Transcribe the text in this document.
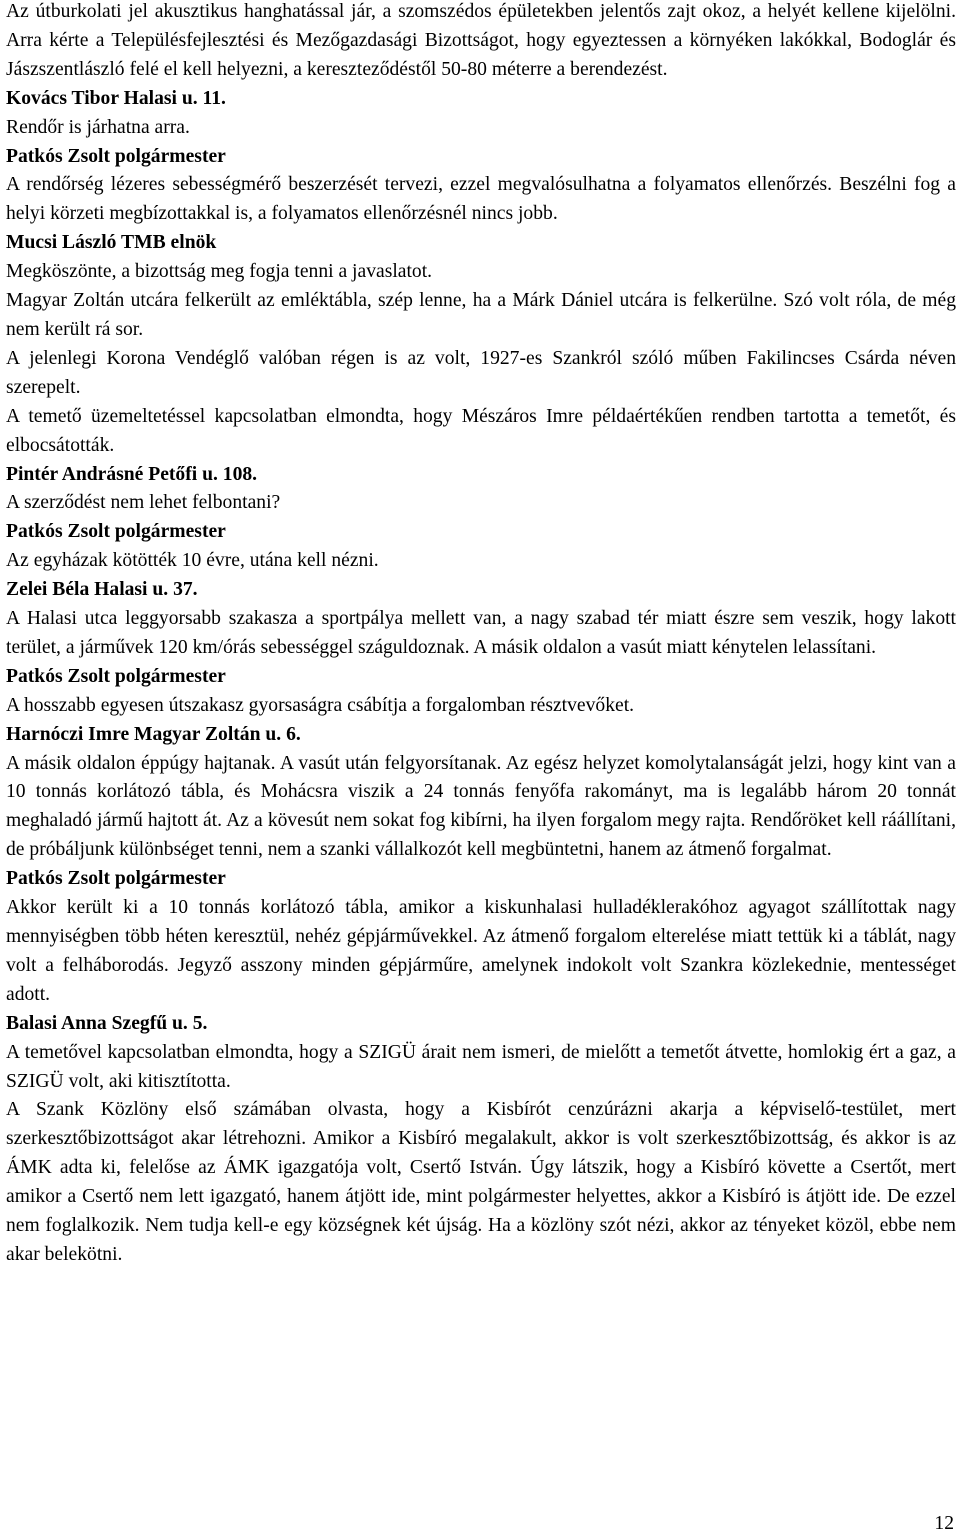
Az útburkolati jel akusztikus hanghatással jár, a szomszédos épületekben jelentős zajt okoz, a helyét kellene kijelölni. Arra kérte a Településfejlesztési és Mezőgazdasági Bizottságot, hogy egyeztessen a környéken lakókkal, Bodoglár és Jászszentlászló felé el kell helyezni, a kereszteződéstől 50-80 méterre a berendezést.

Kovács Tibor Halasi u. 11.

Rendőr is járhatna arra.

Patkós Zsolt polgármester

A rendőrség lézeres sebességmérő beszerzését tervezi, ezzel megvalósulhatna a folyamatos ellenőrzés. Beszélni fog a helyi körzeti megbízottakkal is, a folyamatos ellenőrzésnél nincs jobb.

Mucsi László TMB elnök

Megköszönte, a bizottság meg fogja tenni a javaslatot.

Magyar Zoltán utcára felkerült az emléktábla, szép lenne, ha a Márk Dániel utcára is felkerülne. Szó volt róla, de még nem került rá sor.

A jelenlegi Korona Vendéglő valóban régen is az volt, 1927-es Szankról szóló műben Fakilincses Csárda néven szerepelt.

A temető üzemeltetéssel kapcsolatban elmondta, hogy Mészáros Imre példaértékűen rendben tartotta a temetőt, és elbocsátották.

Pintér Andrásné Petőfi u. 108.

A szerződést nem lehet felbontani?

Patkós Zsolt polgármester

Az egyházak kötötték 10 évre, utána kell nézni.

Zelei Béla Halasi u. 37.

A Halasi utca leggyorsabb szakasza a sportpálya mellett van, a nagy szabad tér miatt észre sem veszik, hogy lakott terület, a járművek 120 km/órás sebességgel száguldoznak. A másik oldalon a vasút miatt kénytelen lelassítani.

Patkós Zsolt polgármester

A hosszabb egyesen útszakasz gyorsaságra csábítja a forgalomban résztvevőket.

Harnóczi Imre Magyar Zoltán u. 6.

A másik oldalon éppúgy hajtanak. A vasút után felgyorsítanak. Az egész helyzet komolytalanságát jelzi, hogy kint van a 10 tonnás korlátozó tábla, és Mohácsra viszik a 24 tonnás fenyőfa rakományt, ma is legalább három 20 tonnát meghaladó jármű hajtott át. Az a kövesút nem sokat fog kibírni, ha ilyen forgalom megy rajta. Rendőröket kell ráállítani, de próbáljunk különbséget tenni, nem a szanki vállalkozót kell megbüntetni, hanem az átmenő forgalmat.

Patkós Zsolt polgármester

Akkor került ki a 10 tonnás korlátozó tábla, amikor a kiskunhalasi hulladéklerakóhoz agyagot szállítottak nagy mennyiségben több héten keresztül, nehéz gépjárművekkel. Az átmenő forgalom elterelése miatt tettük ki a táblát, nagy volt a felháborodás. Jegyző asszony minden gépjárműre, amelynek indokolt volt Szankra közlekednie, mentességet adott.

Balasi Anna Szegfű u. 5.

A temetővel kapcsolatban elmondta, hogy a SZIGÜ árait nem ismeri, de mielőtt a temetőt átvette, homlokig ért a gaz, a SZIGÜ volt, aki kitisztította.

A Szank Közlöny első számában olvasta, hogy a Kisbírót cenzúrázni akarja a képviselő-testület, mert szerkesztőbizottságot akar létrehozni. Amikor a Kisbíró megalakult, akkor is volt szerkesztőbizottság, és akkor is az ÁMK adta ki, felelőse az ÁMK igazgatója volt, Csertő István. Úgy látszik, hogy a Kisbíró követte a Csertőt, mert amikor a Csertő nem lett igazgató, hanem átjött ide, mint polgármester helyettes, akkor a Kisbíró is átjött ide. De ezzel nem foglalkozik. Nem tudja kell-e egy községnek két újság. Ha a közlöny szót nézi, akkor az tényeket közöl, ebbe nem akar belekötni.

12
